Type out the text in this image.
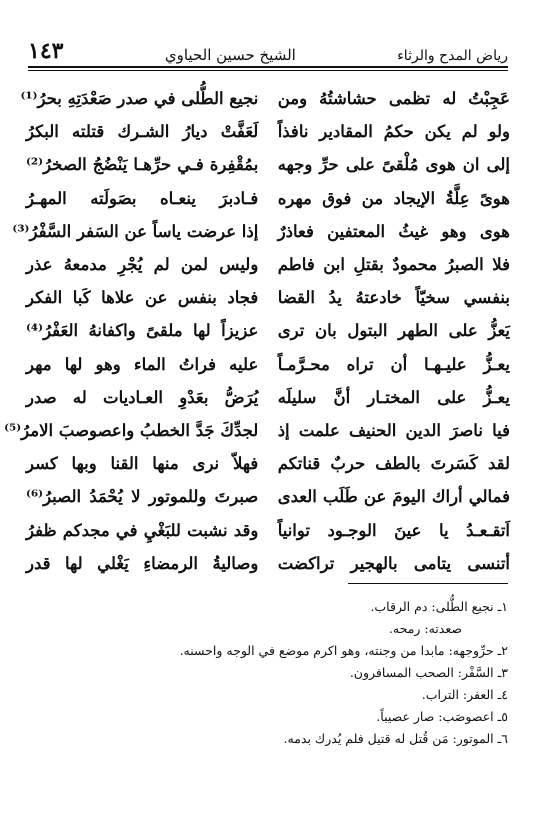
رياض المدح والرثاء
الشيخ حسين الحياوي
١٤٣
عَجِبْتُ له تظمى حشاشتُهُ ومن
نجيع الطُّلى في صدر صَعْدَتِهِ بحرُ⁽¹⁾
ولو لم يكن حكمُ المقادير نافذاً
لَعَفَّتْ ديارُ الشـرك قتلته البكرُ
إلى ان هوى مُلْقىً على حرِّ وجهه
بمُقْفِرة فـي حرِّهـا يَنْضُجُ الصخرُ⁽²⁾
هوىً عِلَّةُ الإيجاد من فوق مهره
فـادبرَ ينعـاه بصَولَته المهـرُ
هوى وهو غيثُ المعتفين فعاذرٌ
إذا عرضت ياساً عن السَفر السَّفْرُ⁽³⁾
فلا الصبرُ محمودٌ بقتلِ ابن فاطم
وليس لمن لم يُجْرِ مدمعهُ عذر
بنفسي سخيّاً خادعتهُ يدُ القضا
فجاد بنفس عن علاها كَبا الفكر
يَعزُّ على الطهر البتول بان ترى
عزيزاً لها ملقىً واكفانهُ العَفْرُ⁽⁴⁾
يعـزُّ عليـهـا أن تراه محـرَّمـاً
عليه فراتُ الماء وهو لها مهر
يعـزُّ على المختـار أنَّ سليلَه
يُرَضُّ بعَدْوِ العـاديات له صدر
فيا ناصرَ الدين الحنيف علمت إذ
لجدِّكَ جَدَّ الخطبُ واعصوصبَ الامرُ⁽⁵⁾
لقد كَسَرتَ بالطف حربٌ قناتكم
فهلاّ نرى منها القنا وبها كسر
فمالي أراك اليومَ عن طَلَب العدى
صبرتَ وللموتور لا يُحْمَدُ الصبرُ⁽⁶⁾
اَتقـعـدُ يا عينَ الوجـود توانياً
وقد نشبت للبَغْيِ في مجدكم ظفرُ
أتنسى يتامى بالهجير تراكضت
وصاليةُ الرمضاءِ يَغْلي لها قدر
١ـ نجيع الطُّلى: دم الرقاب.
صعدته: رمحه.
٢ـ حرِّوجهه: مابدا من وجنته، وهو اكرم موضع في الوجه واحسنه.
٣ـ السَّفْر: الصحب المسافرون.
٤ـ العفر: التراب.
٥ـ اعصوصَب: صار عصيباً.
٦ـ الموتور: مَن قُتل له قتيل فلم يُدرك بدمه.
